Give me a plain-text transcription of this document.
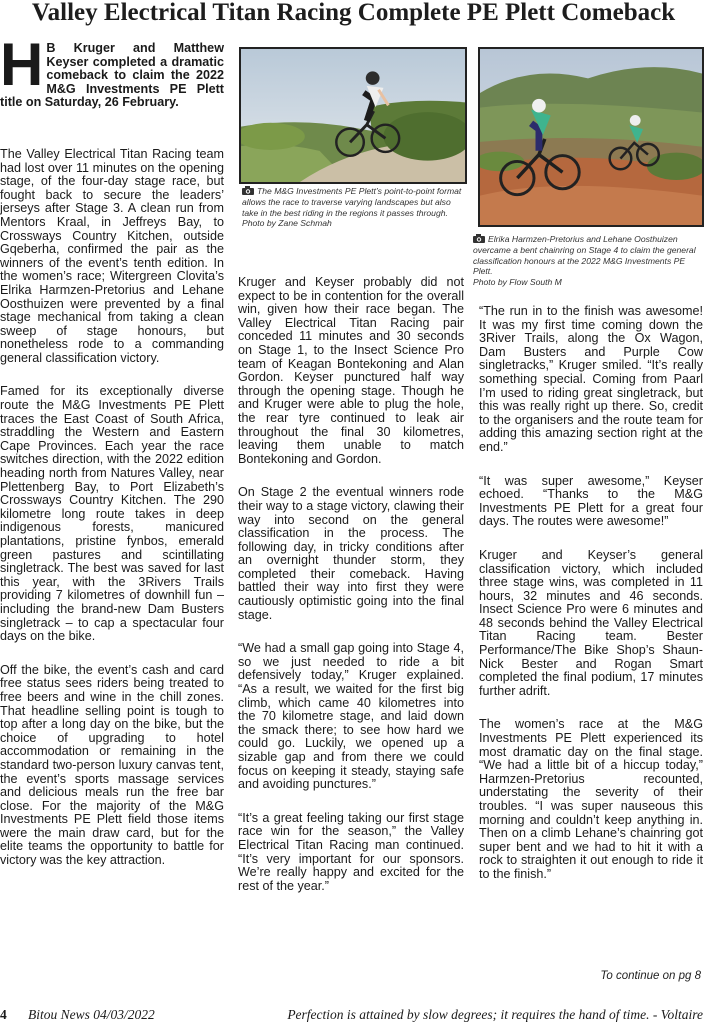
Valley Electrical Titan Racing Complete PE Plett Comeback
H B Kruger and Matthew Keyser completed a dramatic comeback to claim the 2022 M&G Investments PE Plett title on Saturday, 26 February.

The Valley Electrical Titan Racing team had lost over 11 minutes on the opening stage, of the four-day stage race, but fought back to secure the leaders’ jerseys after Stage 3. A clean run from Mentors Kraal, in Jeffreys Bay, to Crossways Country Kitchen, outside Gqeberha, confirmed the pair as the winners of the event’s tenth edition. In the women’s race; Witergreen Clovita’s Elrika Harmzen-Pretorius and Lehane Oosthuizen were prevented by a final stage mechanical from taking a clean sweep of stage honours, but nonetheless rode to a commanding general classification victory.

Famed for its exceptionally diverse route the M&G Investments PE Plett traces the East Coast of South Africa, straddling the Western and Eastern Cape Provinces. Each year the race switches direction, with the 2022 edition heading north from Natures Valley, near Plettenberg Bay, to Port Elizabeth’s Crossways Country Kitchen. The 290 kilometre long route takes in deep indigenous forests, manicured plantations, pristine fynbos, emerald green pastures and scintillating singletrack. The best was saved for last this year, with the 3Rivers Trails providing 7 kilometres of downhill fun – including the brand-new Dam Busters singletrack – to cap a spectacular four days on the bike.

Off the bike, the event’s cash and card free status sees riders being treated to free beers and wine in the chill zones. That headline selling point is tough to top after a long day on the bike, but the choice of upgrading to hotel accommodation or remaining in the standard two-person luxury canvas tent, the event’s sports massage services and delicious meals run the free bar close. For the majority of the M&G Investments PE Plett field those items were the main draw card, but for the elite teams the opportunity to battle for victory was the key attraction.

The M&G Investments PE Plett’s point-to-point format allows the race to traverse varying landscapes but also take in the best riding in the regions it passes through.
Photo by Zane Schmah
Elrika Harmzen-Pretorius and Lehane Oosthuizen overcame a bent chainring on Stage 4 to claim the general classification honours at the 2022 M&G Investments PE Plett.
Photo by Flow South M

Kruger and Keyser probably did not expect to be in contention for the overall win, given how their race began. The Valley Electrical Titan Racing pair conceded 11 minutes and 30 seconds on Stage 1, to the Insect Science Pro team of Keagan Bontekoning and Alan Gordon. Keyser punctured half way through the opening stage. Though he and Kruger were able to plug the hole, the rear tyre continued to leak air throughout the final 30 kilometres, leaving them unable to match Bontekoning and Gordon.

On Stage 2 the eventual winners rode their way to a stage victory, clawing their way into second on the general classification in the process. The following day, in tricky conditions after an overnight thunder storm, they completed their comeback. Having battled their way into first they were cautiously optimistic going into the final stage.

“We had a small gap going into Stage 4, so we just needed to ride a bit defensively today,” Kruger explained. “As a result, we waited for the first big climb, which came 40 kilometres into the 70 kilometre stage, and laid down the smack there; to see how hard we could go. Luckily, we opened up a sizable gap and from there we could focus on keeping it steady, staying safe and avoiding punctures.”

“It’s a great feeling taking our first stage race win for the season,” the Valley Electrical Titan Racing man continued. “It’s very important for our sponsors. We’re really happy and excited for the rest of the year.”

“The run in to the finish was awesome! It was my first time coming down the 3River Trails, along the Ox Wagon, Dam Busters and Purple Cow singletracks,” Kruger smiled. “It’s really something special. Coming from Paarl I’m used to riding great singletrack, but this was really right up there. So, credit to the organisers and the route team for adding this amazing section right at the end.”

“It was super awesome,” Keyser echoed. “Thanks to the M&G Investments PE Plett for a great four days. The routes were awesome!”

Kruger and Keyser’s general classification victory, which included three stage wins, was completed in 11 hours, 32 minutes and 46 seconds. Insect Science Pro were 6 minutes and 48 seconds behind the Valley Electrical Titan Racing team. Bester Performance/The Bike Shop’s Shaun-Nick Bester and Rogan Smart completed the final podium, 17 minutes further adrift.

The women’s race at the M&G Investments PE Plett experienced its most dramatic day on the final stage. “We had a little bit of a hiccup today,” Harmzen-Pretorius recounted, understating the severity of their troubles. “I was super nauseous this morning and couldn’t keep anything in. Then on a climb Lehane’s chainring got super bent and we had to hit it with a rock to straighten it out enough to ride it to the finish.”

To continue on pg 8
4 Bitou News 04/03/2022	Perfection is attained by slow degrees; it requires the hand of time. - Voltaire
